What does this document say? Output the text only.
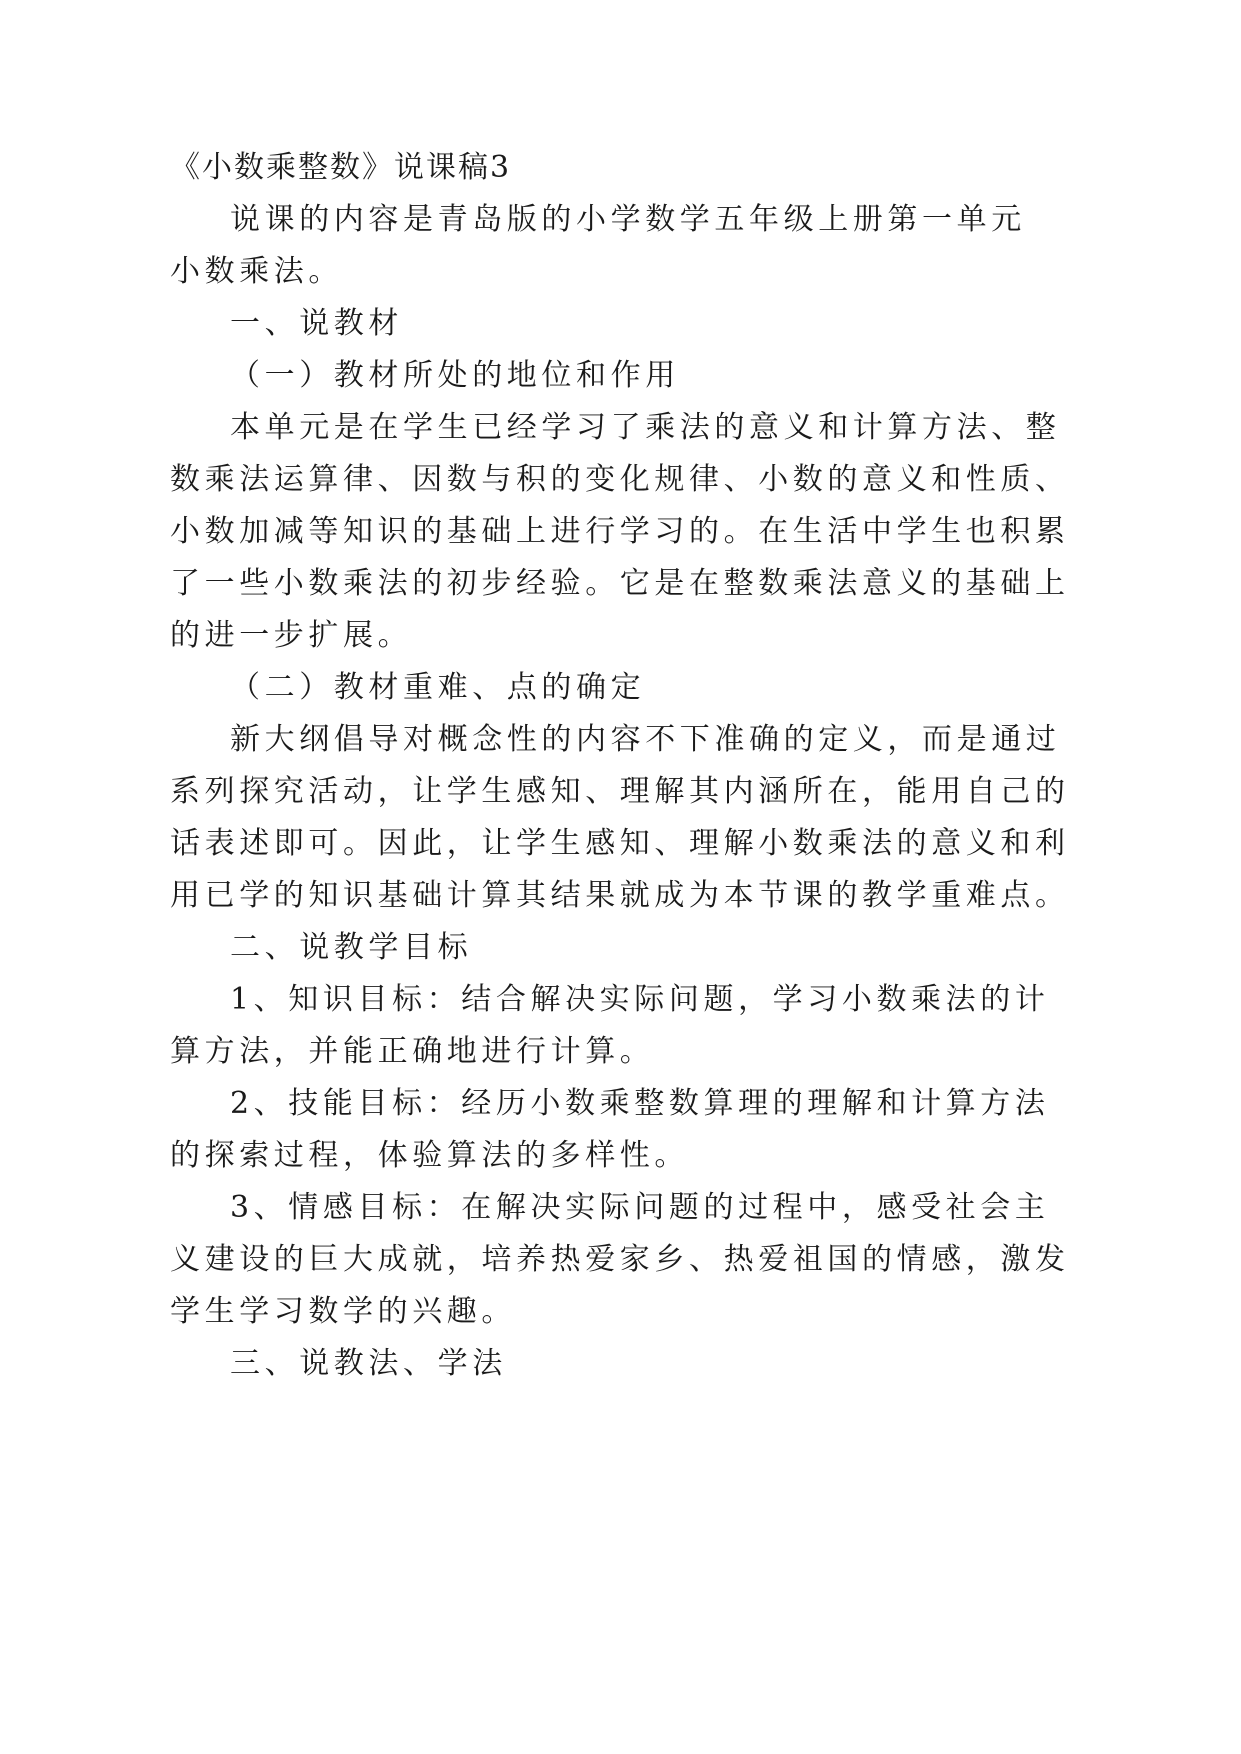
《小数乘整数》说课稿3
说课的内容是青岛版的小学数学五年级上册第一单元
小数乘法。
一、说教材
（一）教材所处的地位和作用
本单元是在学生已经学习了乘法的意义和计算方法、整
数乘法运算律、因数与积的变化规律、小数的意义和性质、
小数加减等知识的基础上进行学习的。在生活中学生也积累
了一些小数乘法的初步经验。它是在整数乘法意义的基础上
的进一步扩展。
（二）教材重难、点的确定
新大纲倡导对概念性的内容不下准确的定义，而是通过
系列探究活动，让学生感知、理解其内涵所在，能用自己的
话表述即可。因此，让学生感知、理解小数乘法的意义和利
用已学的知识基础计算其结果就成为本节课的教学重难点。
二、说教学目标
1、知识目标：结合解决实际问题，学习小数乘法的计
算方法，并能正确地进行计算。
2、技能目标：经历小数乘整数算理的理解和计算方法
的探索过程，体验算法的多样性。
3、情感目标：在解决实际问题的过程中，感受社会主
义建设的巨大成就，培养热爱家乡、热爱祖国的情感，激发
学生学习数学的兴趣。
三、说教法、学法
